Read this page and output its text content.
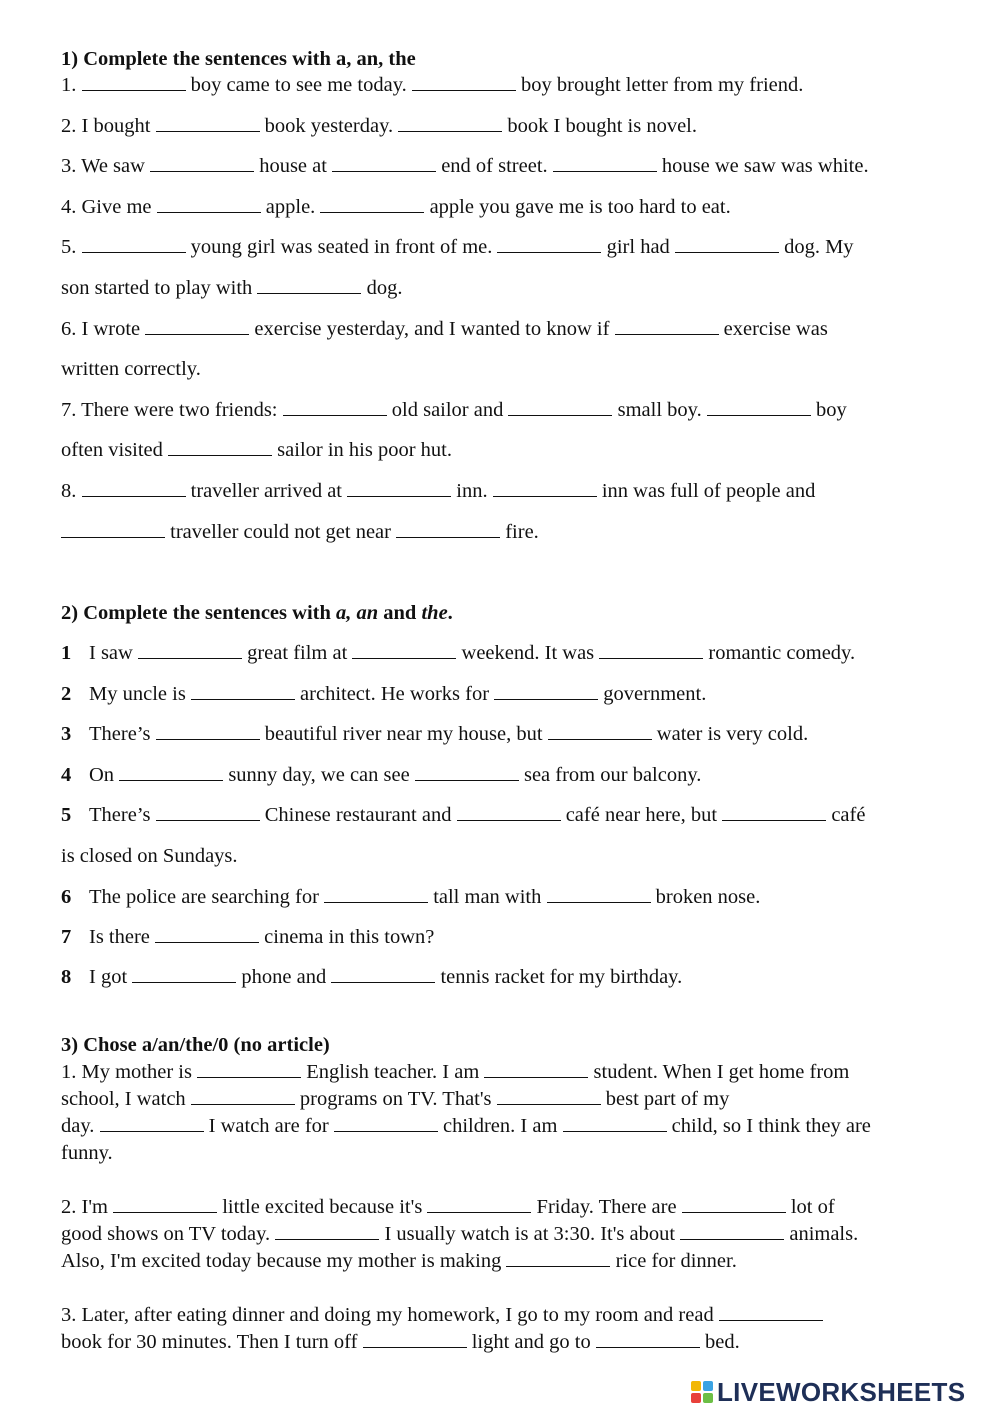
1) Complete the sentences with a, an, the
1.	boy came to see me today.	boy brought letter from my friend.
2. I bought	book yesterday.	book I bought is novel.
3. We saw	house at	end of street.	house we saw was white.
4. Give me	apple.	apple you gave me is too hard to eat.
5.	young girl was seated in front of me.	girl had	dog. My
son started to play with	dog.
6. I wrote	exercise yesterday, and I wanted to know if	exercise was
written correctly.
7. There were two friends:	old sailor and	small boy.	boy
often visited	sailor in his poor hut.
8.	traveller arrived at	inn.	inn was full of people and
traveller could not get near	fire.
2) Complete the sentences with a, an and the.
1 I saw	great film at	weekend. It was	romantic comedy.
2 My uncle is	architect. He works for	government.
3 There’s	beautiful river near my house, but	water is very cold.
4 On	sunny day, we can see	sea from our balcony.
5 There’s	Chinese restaurant and	café near here, but	café
is closed on Sundays.
6 The police are searching for	tall man with	broken nose.
7 Is there	cinema in this town?
8 I got	phone and	tennis racket for my birthday.
3) Chose a/an/the/0 (no article)
1. My mother is	English teacher. I am	student. When I get home from
school, I watch	programs on TV. That's	best part of my
day.	I watch are for	children. I am	child, so I think they are
funny.
2. I'm	little excited because it's	Friday. There are	lot of
good shows on TV today.	I usually watch is at 3:30. It's about	animals.
Also, I'm excited today because my mother is making	rice for dinner.
3. Later, after eating dinner and doing my homework, I go to my room and read
book for 30 minutes. Then I turn off	light and go to	bed.
LIVEWORKSHEETS
